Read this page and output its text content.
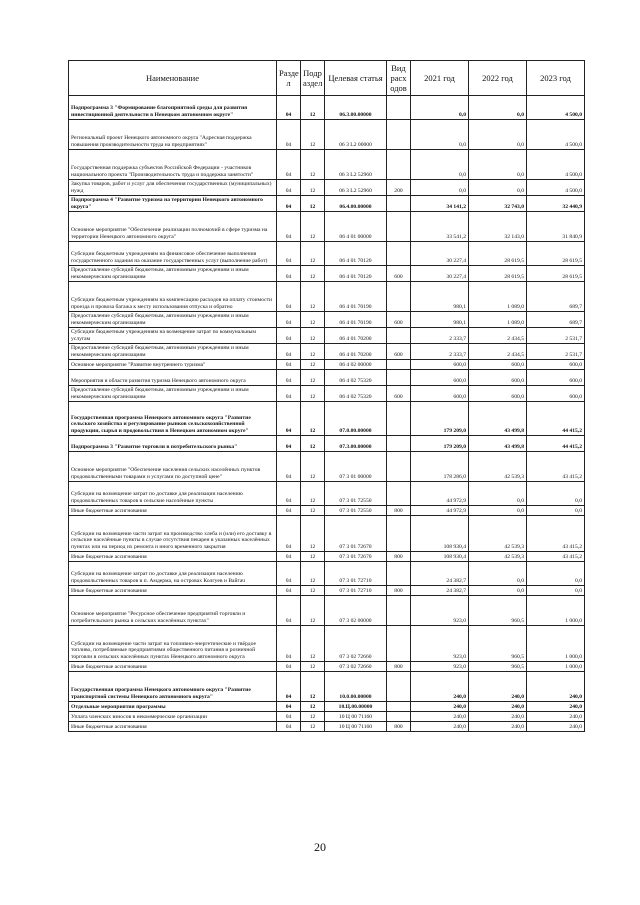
Наименование	Разде л	Подр аздел	Целевая статья	Вид расх одов	2021 год	2022 год	2023 год
Подпрограмма 3 "Формирование благоприятной среды для развития инвестиционной деятельности в Ненецком автономном округе"	04	12	06.3.00.00000		0,0	0,0	4 500,0
Региональный проект Ненецкого автономного округа "Адресная поддержка повышения производительности труда на предприятиях"	04	12	06 3 L2 00000		0,0	0,0	4 500,0
Государственная поддержка субъектов Российской Федерации - участников национального проекта "Производительность труда и поддержка занятости"	04	12	06 3 L2 52960		0,0	0,0	4 500,0
Закупка товаров, работ и услуг для обеспечения государственных (муниципальных) нужд	04	12	06 3 L2 52960	200	0,0	0,0	4 500,0
Подпрограмма 4 "Развитие туризма на территории Ненецкого автономного округа"	04	12	06.4.00.00000		34 141,2	32 743,0	32 440,9
Основное мероприятие "Обеспечение реализации полномочий в сфере туризма на территории Ненецкого автономного округа"	04	12	06 4 01 00000		33 541,2	32 143,0	31 840,9
Субсидии бюджетным учреждениям на финансовое обеспечение выполнения государственного задания на оказание государственных услуг (выполнение работ)	04	12	06 4 01 70120		30 227,4	28 619,5	28 619,5
Предоставление субсидий бюджетным, автономным учреждениям и иным некоммерческим организациям	04	12	06 4 01 70120	600	30 227,4	28 619,5	28 619,5
Субсидии бюджетным учреждениям на компенсацию расходов на оплату стоимости проезда и провоза багажа к месту использования отпуска и обратно	04	12	06 4 01 70190		980,1	1 089,0	689,7
Предоставление субсидий бюджетным, автономным учреждениям и иным некоммерческим организациям	04	12	06 4 01 70190	600	980,1	1 089,0	689,7
Субсидии бюджетным учреждениям на возмещение затрат по коммунальным услугам	04	12	06 4 01 70200		2 333,7	2 434,5	2 531,7
Предоставление субсидий бюджетным, автономным учреждениям и иным некоммерческим организациям	04	12	06 4 01 70200	600	2 333,7	2 434,5	2 531,7
Основное мероприятие "Развитие внутреннего туризма"	04	12	06 4 02 00000		600,0	600,0	600,0
Мероприятия в области развития туризма Ненецкого автономного округа	04	12	06 4 02 75320		600,0	600,0	600,0
Предоставление субсидий бюджетным, автономным учреждениям и иным некоммерческим организациям	04	12	06 4 02 75320	600	600,0	600,0	600,0
Государственная программа Ненецкого автономного округа "Развитие сельского хозяйства и регулирование рынков сельскохозяйственной продукции, сырья и продовольствия в Ненецком автономном округе"	04	12	07.0.00.00000		179 209,0	43 499,8	44 415,2
Подпрограмма 3 "Развитие торговли в потребительского рынка"	04	12	07.3.00.00000		179 209,0	43 499,8	44 415,2
Основное мероприятие "Обеспечение населения сельских населённых пунктов продовольственными товарами и услугами по доступной цене"	04	12	07 3 01 00000		178 286,0	42 539,3	43 415,2
Субсидии на возмещение затрат по доставке для реализации населению продовольственных товаров в сельские населённые пункты	04	12	07 3 01 72550		44 972,9	0,0	0,0
Иные бюджетные ассигнования	04	12	07 3 01 72550	800	44 972,9	0,0	0,0
Субсидии на возмещение части затрат на производство хлеба и (или) его доставку в сельские населённые пункты в случае отсутствия пекарен в указанных населённых пунктах или на период их ремонта и иного временного закрытия	04	12	07 3 01 72670		108 930,4	42 539,3	43 415,2
Иные бюджетные ассигнования	04	12	07 3 01 72670	800	108 930,4	42 539,3	43 415,2
Субсидии на возмещение затрат по доставке для реализации населению продовольственных товаров в п. Амдерма, на островах Колгуев и Вайгач	04	12	07 3 01 72710		24 382,7	0,0	0,0
Иные бюджетные ассигнования	04	12	07 3 01 72710	800	24 382,7	0,0	0,0
Основное мероприятие "Ресурсное обеспечение предприятий торговли и потребительского рынка в сельских населённых пунктах"	04	12	07 3 02 00000		923,0	960,5	1 000,0
Субсидии на возмещение части затрат на топливно-энергетические и твёрдое топливо, потребляемые предприятиями общественного питания и розничной торговли в сельских населённых пунктах Ненецкого автономного округа	04	12	07 3 02 72660		923,0	960,5	1 000,0
Иные бюджетные ассигнования	04	12	07 3 02 72660	800	923,0	960,5	1 000,0
Государственная программа Ненецкого автономного округа "Развитие транспортной системы Ненецкого автономного округа"	04	12	10.0.00.00000		240,0	240,0	240,0
Отдельные мероприятия программы	04	12	10.Ц.00.00000		240,0	240,0	240,0
Уплата членских взносов в некоммерческие организации	04	12	10 Ц 00 71160		240,0	240,0	240,0
Иные бюджетные ассигнования	04	12	10 Ц 00 71160	800	240,0	240,0	240,0
20
